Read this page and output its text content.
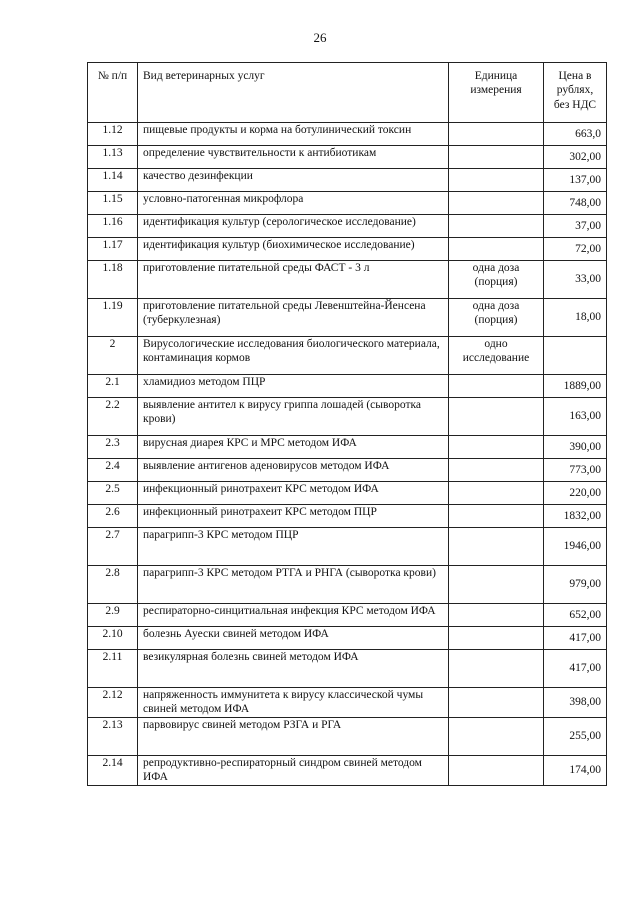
26
№ п/п	Вид ветеринарных услуг	Единица измерения	Цена в рублях, без НДС
1.12	пищевые продукты и корма на ботулинический токсин		663,0
1.13	определение чувствительности к антибиотикам		302,00
1.14	качество дезинфекции		137,00
1.15	условно-патогенная микрофлора		748,00
1.16	идентификация культур (серологическое исследование)		37,00
1.17	идентификация культур (биохимическое исследование)		72,00
1.18	приготовление питательной среды ФАСТ - 3 л	одна доза (порция)	33,00
1.19	приготовление питательной среды Левенштейна-Йенсена (туберкулезная)	одна доза (порция)	18,00
2	Вирусологические исследования биологического материала, контаминация кормов	одно исследование	
2.1	хламидиоз методом ПЦР		1889,00
2.2	выявление антител к вирусу гриппа лошадей (сыворотка крови)		163,00
2.3	вирусная диарея КРС и МРС методом ИФА		390,00
2.4	выявление антигенов аденовирусов методом ИФА		773,00
2.5	инфекционный ринотрахеит КРС методом ИФА		220,00
2.6	инфекционный ринотрахеит КРС методом ПЦР		1832,00
2.7	парагрипп-3 КРС методом ПЦР		1946,00
2.8	парагрипп-3 КРС методом РТГА и РНГА (сыворотка крови)		979,00
2.9	респираторно-синцитиальная инфекция КРС методом ИФА		652,00
2.10	болезнь Ауески свиней методом ИФА		417,00
2.11	везикулярная болезнь свиней методом ИФА		417,00
2.12	напряженность иммунитета к вирусу классической чумы свиней методом ИФА		398,00
2.13	парвовирус свиней методом РЗГА и РГА		255,00
2.14	репродуктивно-респираторный синдром свиней методом ИФА		174,00
